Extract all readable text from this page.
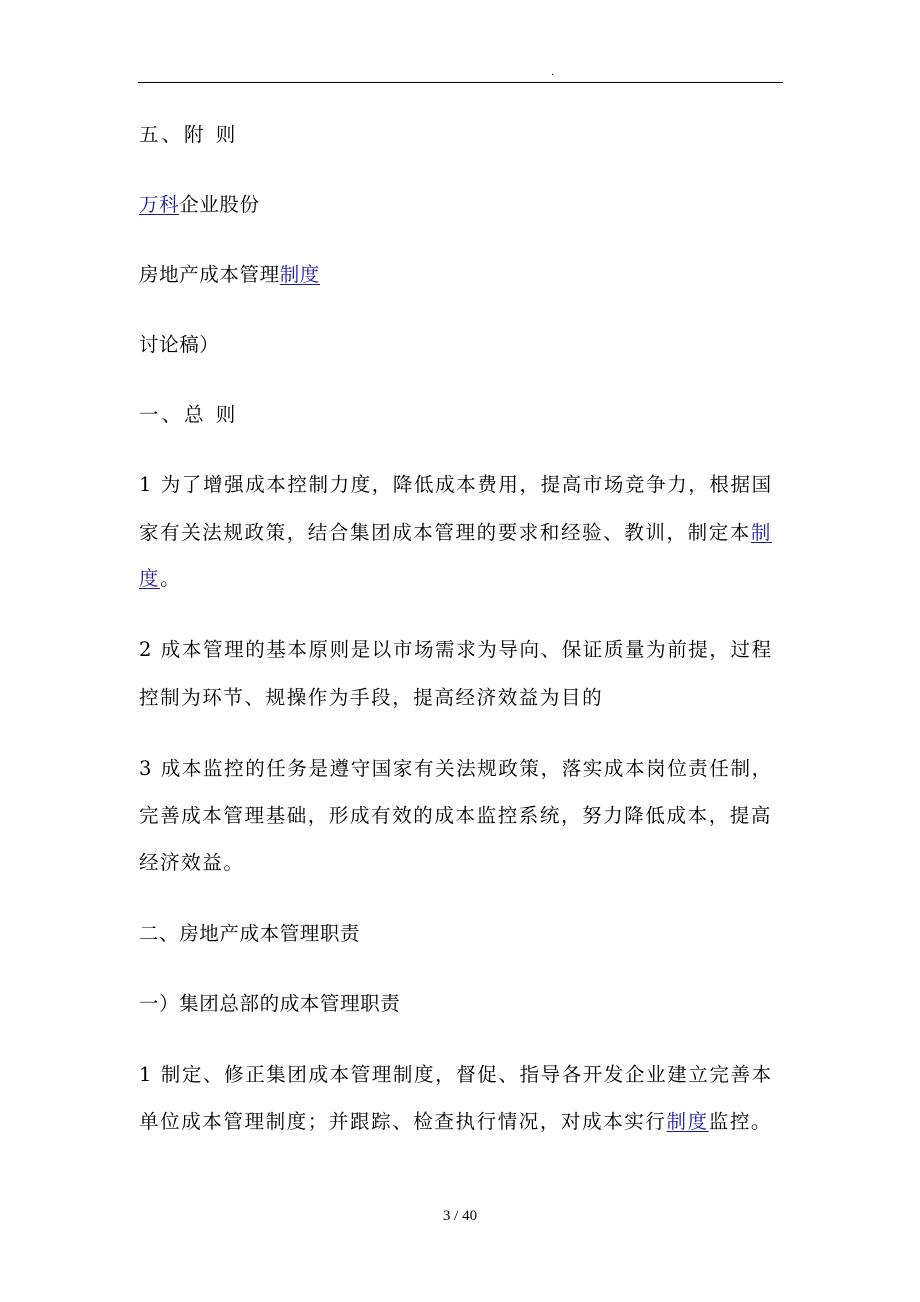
.
五、附 则
万科企业股份
房地产成本管理制度
讨论稿）
一、总 则
1 为了增强成本控制力度，降低成本费用，提高市场竞争力，根据国
家有关法规政策，结合集团成本管理的要求和经验、教训，制定本制
度。
2 成本管理的基本原则是以市场需求为导向、保证质量为前提，过程
控制为环节、规操作为手段，提高经济效益为目的
3 成本监控的任务是遵守国家有关法规政策，落实成本岗位责任制，
完善成本管理基础，形成有效的成本监控系统，努力降低成本，提高
经济效益。
二、房地产成本管理职责
一）集团总部的成本管理职责
1 制定、修正集团成本管理制度，督促、指导各开发企业建立完善本
单位成本管理制度；并跟踪、检查执行情况，对成本实行制度监控。
3 / 40
